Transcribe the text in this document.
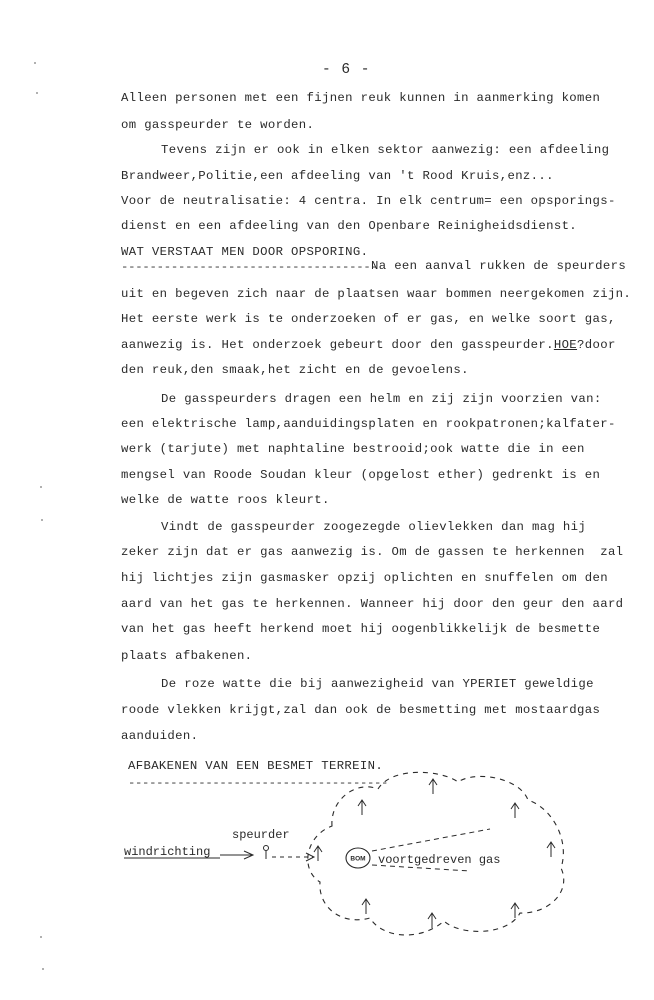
- 6 -
Alleen personen met een fijnen reuk kunnen in aanmerking komen
om gasspeurder te worden.
Tevens zijn er ook in elken sektor aanwezig: een afdeeling
Brandweer,Politie,een afdeeling van 't Rood Kruis,enz...
Voor de neutralisatie: 4 centra. In elk centrum= een opsporings-
dienst en een afdeeling van den Openbare Reinigheidsdienst.
WAT VERSTAAT MEN DOOR OPSPORING.
------------------------------------
Na een aanval rukken de speurders
uit en begeven zich naar de plaatsen waar bommen neergekomen zijn.
Het eerste werk is te onderzoeken of er gas, en welke soort gas,
aanwezig is. Het onderzoek gebeurt door den gasspeurder.HOE?door
den reuk,den smaak,het zicht en de gevoelens.
De gasspeurders dragen een helm en zij zijn voorzien van:
een elektrische lamp,aanduidingsplaten en rookpatronen;kalfater-
werk (tarjute) met naphtaline bestrooid;ook watte die in een
mengsel van Roode Soudan kleur (opgelost ether) gedrenkt is en
welke de watte roos kleurt.
Vindt de gasspeurder zoogezegde olievlekken dan mag hij
zeker zijn dat er gas aanwezig is. Om de gassen te herkennen  zal
hij lichtjes zijn gasmasker opzij oplichten en snuffelen om den
aard van het gas te herkennen. Wanneer hij door den geur den aard
van het gas heeft herkend moet hij oogenblikkelijk de besmette
plaats afbakenen.
De roze watte die bij aanwezigheid van YPERIET geweldige
roode vlekken krijgt,zal dan ook de besmetting met mostaardgas
aanduiden.
AFBAKENEN VAN EEN BESMET TERREIN.
-------------------------------------
windrichting
speurder
BOM voortgedreven gas
